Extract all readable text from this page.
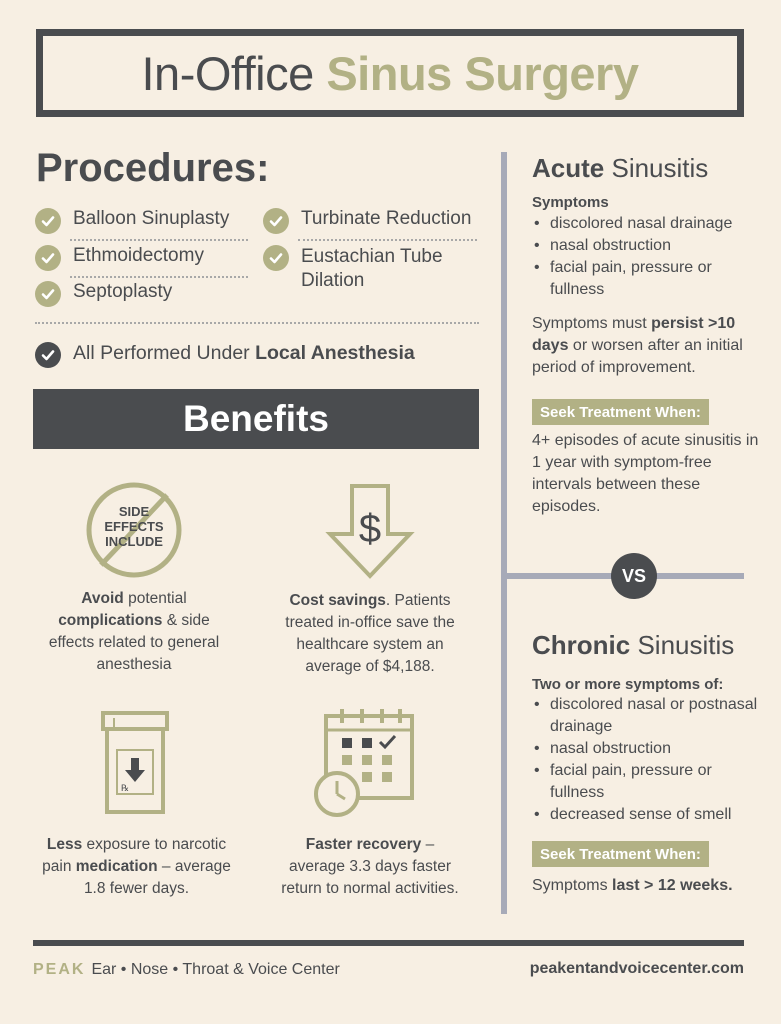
In-Office Sinus Surgery
Procedures:
Balloon Sinuplasty	Turbinate Reduction
Ethmoidectomy	Eustachian Tube Dilation
Septoplasty
All Performed Under Local Anesthesia
Benefits
SIDE
EFFECTS
INCLUDE	$
℞
Avoid potential complications & side effects related to general anesthesia
Cost savings. Patients treated in-office save the healthcare system an average of $4,188.
Less exposure to narcotic pain medication – average 1.8 fewer days.
Faster recovery – average 3.3 days faster return to normal activities.
VS
Acute Sinusitis
Symptoms
• discolored nasal drainage
• nasal obstruction
• facial pain, pressure or fullness
Symptoms must persist >10 days or worsen after an initial period of improvement.
Seek Treatment When:
4+ episodes of acute sinusitis in 1 year with symptom-free intervals between these episodes.
Chronic Sinusitis
Two or more symptoms of:
• discolored nasal or postnasal drainage
• nasal obstruction
• facial pain, pressure or fullness
• decreased sense of smell
Seek Treatment When:
Symptoms last > 12 weeks.
PEAK Ear • Nose • Throat & Voice Center	peakentandvoicecenter.com
